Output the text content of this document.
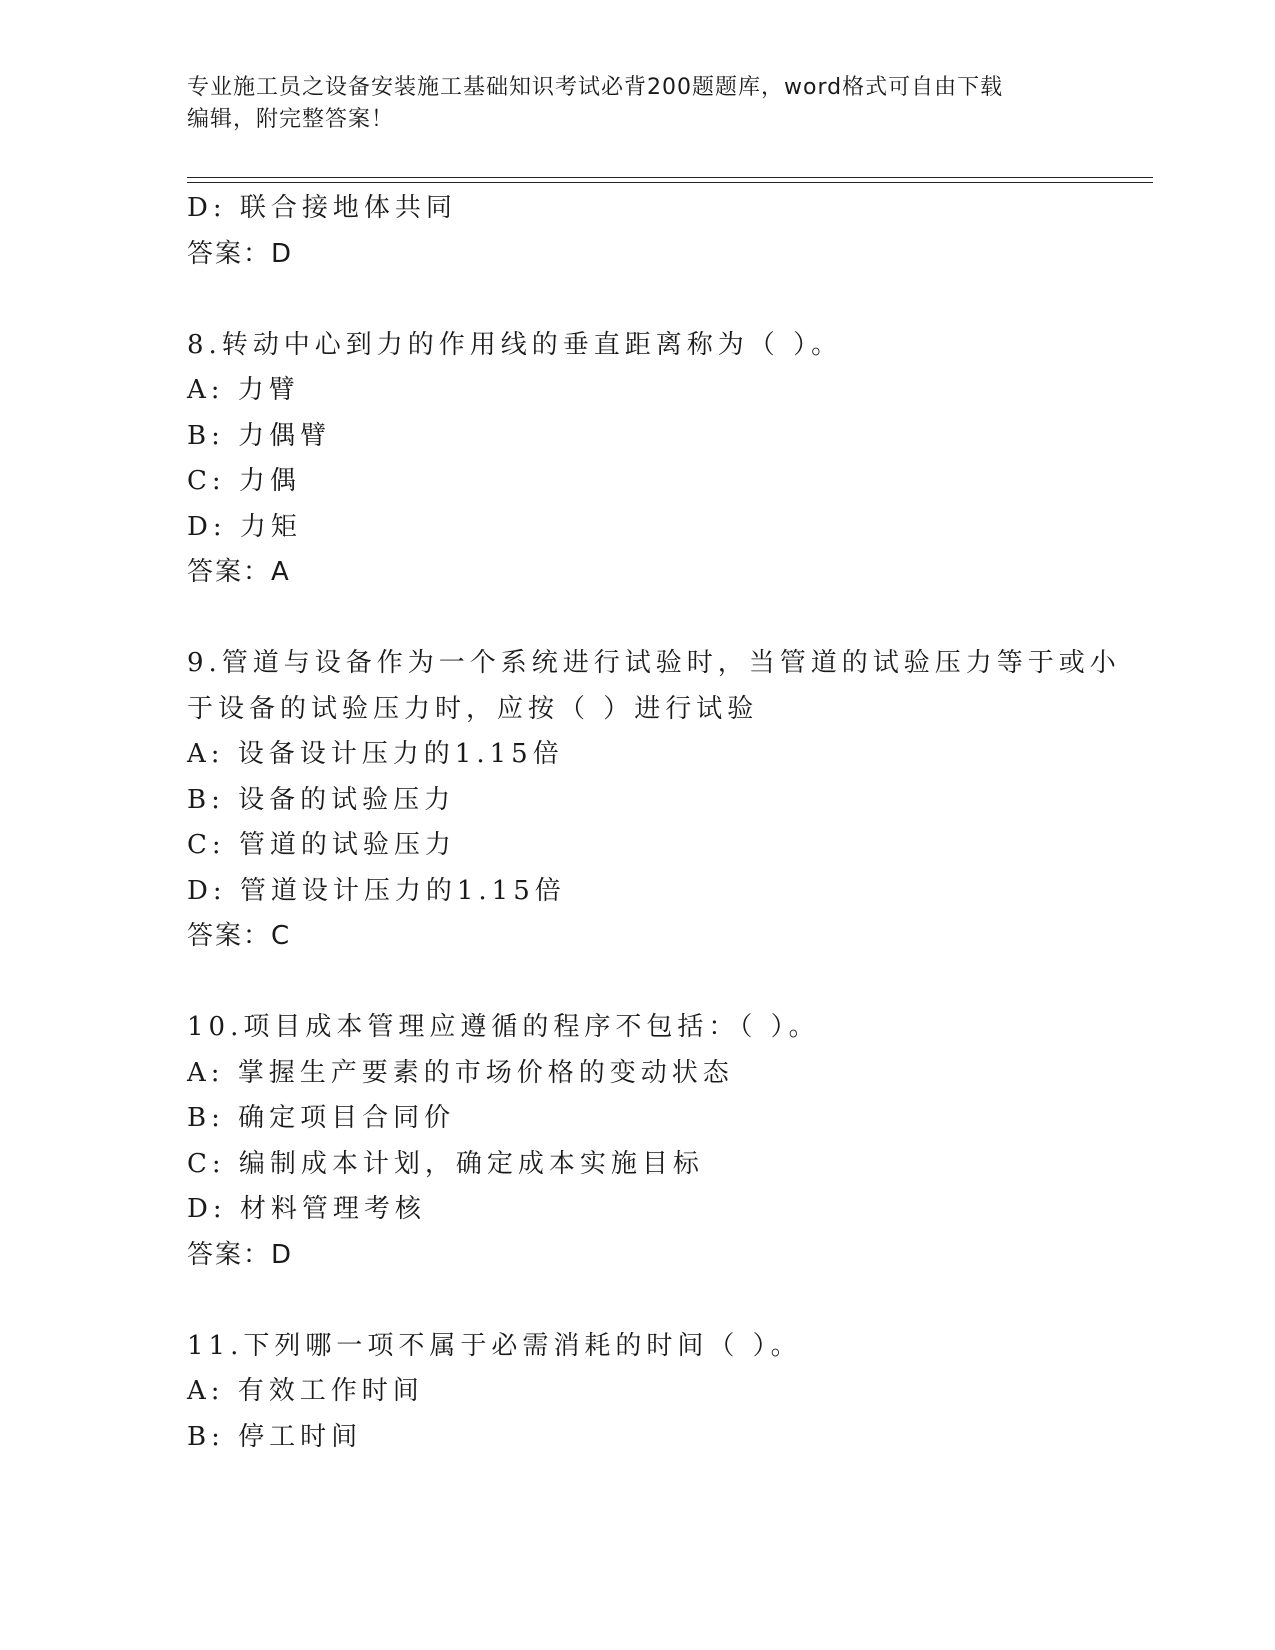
专业施工员之设备安装施工基础知识考试必背200题题库，word格式可自由下载
编辑，附完整答案！
D: 联合接地体共同
答案：D
8.转动中心到力的作用线的垂直距离称为（ ）。
A: 力臂
B: 力偶臂
C: 力偶
D: 力矩
答案：A
9.管道与设备作为一个系统进行试验时，当管道的试验压力等于或小
于设备的试验压力时，应按（ ）进行试验
A: 设备设计压力的1.15倍
B: 设备的试验压力
C: 管道的试验压力
D: 管道设计压力的1.15倍
答案：C
10.项目成本管理应遵循的程序不包括：（ ）。
A: 掌握生产要素的市场价格的变动状态
B: 确定项目合同价
C: 编制成本计划，确定成本实施目标
D: 材料管理考核
答案：D
11.下列哪一项不属于必需消耗的时间（ ）。
A: 有效工作时间
B: 停工时间
